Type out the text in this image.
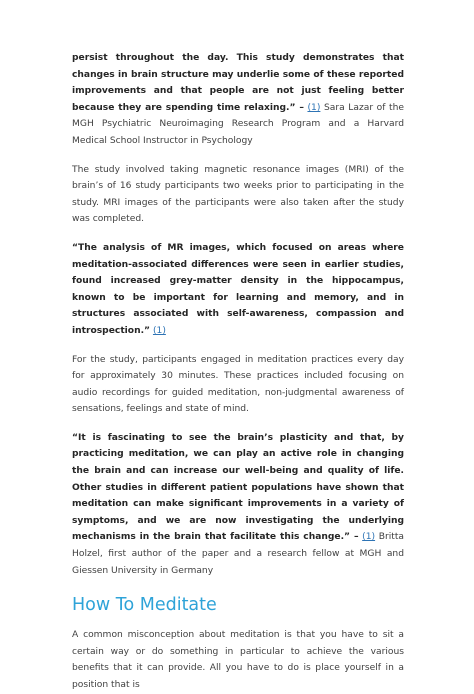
persist throughout the day. This study demonstrates that changes in brain structure may underlie some of these reported improvements and that people are not just feeling better because they are spending time relaxing.” – (1) Sara Lazar of the MGH Psychiatric Neuroimaging Research Program and a Harvard Medical School Instructor in Psychology

The study involved taking magnetic resonance images (MRI) of the brain’s of 16 study participants two weeks prior to participating in the study. MRI images of the participants were also taken after the study was completed.

“The analysis of MR images, which focused on areas where meditation-associated differences were seen in earlier studies, found increased grey-matter density in the hippocampus, known to be important for learning and memory, and in structures associated with self-awareness, compassion and introspection.” (1)

For the study, participants engaged in meditation practices every day for approximately 30 minutes. These practices included focusing on audio recordings for guided meditation, non-judgmental awareness of sensations, feelings and state of mind.

“It is fascinating to see the brain’s plasticity and that, by practicing meditation, we can play an active role in changing the brain and can increase our well-being and quality of life. Other studies in different patient populations have shown that meditation can make significant improvements in a variety of symptoms, and we are now investigating the underlying mechanisms in the brain that facilitate this change.” – (1) Britta Holzel, first author of the paper and a research fellow at MGH and Giessen University in Germany

How To Meditate

A common misconception about meditation is that you have to sit a certain way or do something in particular to achieve the various benefits that it can provide. All you have to do is place yourself in a position that is
